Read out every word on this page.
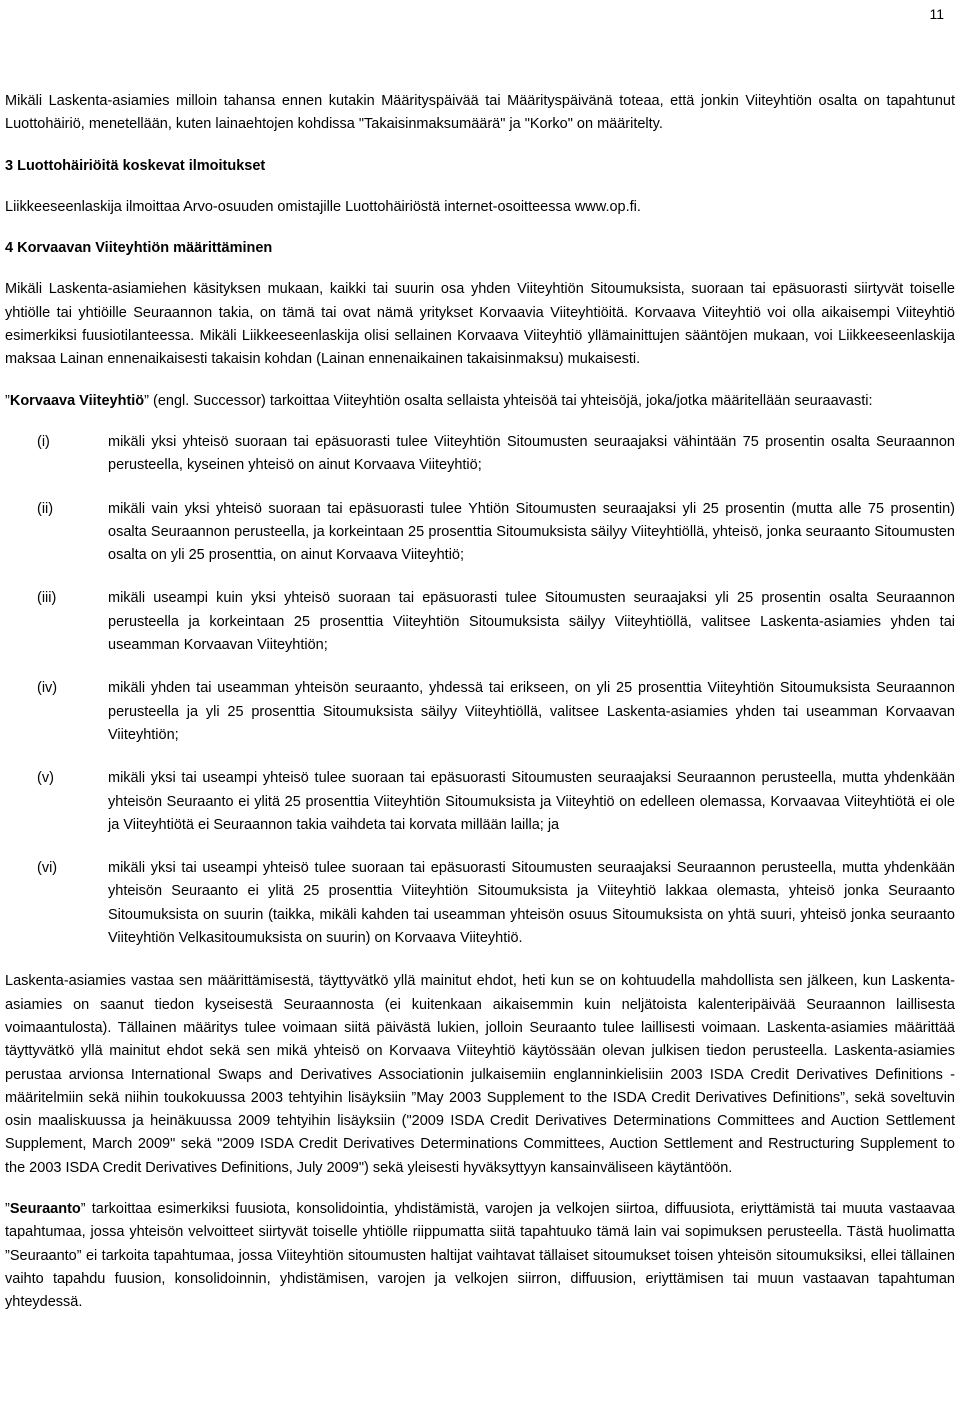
11

Mikäli Laskenta-asiamies milloin tahansa ennen kutakin Määrityspäivää tai Määrityspäivänä toteaa, että jonkin Viiteyhtiön osalta on tapahtunut Luottohäiriö, menetellään, kuten lainaehtojen kohdissa "Takaisinmaksumäärä" ja "Korko" on määritelty.

3 Luottohäiriöitä koskevat ilmoitukset

Liikkeeseenlaskija ilmoittaa Arvo-osuuden omistajille Luottohäiriöstä internet-osoitteessa www.op.fi.

4 Korvaavan Viiteyhtiön määrittäminen

Mikäli Laskenta-asiamiehen käsityksen mukaan, kaikki tai suurin osa yhden Viiteyhtiön Sitoumuksista, suoraan tai epäsuorasti siirtyvät toiselle yhtiölle tai yhtiöille Seuraannon takia, on tämä tai ovat nämä yritykset Korvaavia Viiteyhtiöitä. Korvaava Viiteyhtiö voi olla aikaisempi Viiteyhtiö esimerkiksi fuusiotilanteessa. Mikäli Liikkeeseenlaskija olisi sellainen Korvaava Viiteyhtiö yllämainittujen sääntöjen mukaan, voi Liikkeeseenlaskija maksaa Lainan ennenaikaisesti takaisin kohdan (Lainan ennenaikainen takaisinmaksu) mukaisesti.

”Korvaava Viiteyhtiö” (engl. Successor) tarkoittaa Viiteyhtiön osalta sellaista yhteisöä tai yhteisöjä, joka/jotka määritellään seuraavasti:

(i)	mikäli yksi yhteisö suoraan tai epäsuorasti tulee Viiteyhtiön Sitoumusten seuraajaksi vähintään 75 prosentin osalta Seuraannon perusteella, kyseinen yhteisö on ainut Korvaava Viiteyhtiö;
(ii)	mikäli vain yksi yhteisö suoraan tai epäsuorasti tulee Yhtiön Sitoumusten seuraajaksi yli 25 prosentin (mutta alle 75 prosentin) osalta Seuraannon perusteella, ja korkeintaan 25 prosenttia Sitoumuksista säilyy Viiteyhtiöllä, yhteisö, jonka seuraanto Sitoumusten osalta on yli 25 prosenttia, on ainut Korvaava Viiteyhtiö;
(iii)	mikäli useampi kuin yksi yhteisö suoraan tai epäsuorasti tulee Sitoumusten seuraajaksi yli 25 prosentin osalta Seuraannon perusteella ja korkeintaan 25 prosenttia Viiteyhtiön Sitoumuksista säilyy Viiteyhtiöllä, valitsee Laskenta-asiamies yhden tai useamman Korvaavan Viiteyhtiön;
(iv)	mikäli yhden tai useamman yhteisön seuraanto, yhdessä tai erikseen, on yli 25 prosenttia Viiteyhtiön Sitoumuksista Seuraannon perusteella ja yli 25 prosenttia Sitoumuksista säilyy Viiteyhtiöllä, valitsee Laskenta-asiamies yhden tai useamman Korvaavan Viiteyhtiön;
(v)	mikäli yksi tai useampi yhteisö tulee suoraan tai epäsuorasti Sitoumusten seuraajaksi Seuraannon perusteella, mutta yhdenkään yhteisön Seuraanto ei ylitä 25 prosenttia Viiteyhtiön Sitoumuksista ja Viiteyhtiö on edelleen olemassa, Korvaavaa Viiteyhtiötä ei ole ja Viiteyhtiötä ei Seuraannon takia vaihdeta tai korvata millään lailla; ja
(vi)	mikäli yksi tai useampi yhteisö tulee suoraan tai epäsuorasti Sitoumusten seuraajaksi Seuraannon perusteella, mutta yhdenkään yhteisön Seuraanto ei ylitä 25 prosenttia Viiteyhtiön Sitoumuksista ja Viiteyhtiö lakkaa olemasta, yhteisö jonka Seuraanto Sitoumuksista on suurin (taikka, mikäli kahden tai useamman yhteisön osuus Sitoumuksista on yhtä suuri, yhteisö jonka seuraanto Viiteyhtiön Velkasitoumuksista on suurin) on Korvaava Viiteyhtiö.

Laskenta-asiamies vastaa sen määrittämisestä, täyttyvätkö yllä mainitut ehdot, heti kun se on kohtuudella mahdollista sen jälkeen, kun Laskenta-asiamies on saanut tiedon kyseisestä Seuraannosta (ei kuitenkaan aikaisemmin kuin neljätoista kalenteripäivää Seuraannon laillisesta voimaantulosta). Tällainen määritys tulee voimaan siitä päivästä lukien, jolloin Seuraanto tulee laillisesti voimaan. Laskenta-asiamies määrittää täyttyvätkö yllä mainitut ehdot sekä sen mikä yhteisö on Korvaava Viiteyhtiö käytössään olevan julkisen tiedon perusteella. Laskenta-asiamies perustaa arvionsa International Swaps and Derivatives Associationin julkaisemiin englanninkielisiin 2003 ISDA Credit Derivatives Definitions -määritelmiin sekä niihin toukokuussa 2003 tehtyihin lisäyksiin ”May 2003 Supplement to the ISDA Credit Derivatives Definitions”, sekä soveltuvin osin maaliskuussa ja heinäkuussa 2009 tehtyihin lisäyksiin ("2009 ISDA Credit Derivatives Determinations Committees and Auction Settlement Supplement, March 2009" sekä "2009 ISDA Credit Derivatives Determinations Committees, Auction Settlement and Restructuring Supplement to the 2003 ISDA Credit Derivatives Definitions, July 2009") sekä yleisesti hyväksyttyyn kansainväliseen käytäntöön.

”Seuraanto” tarkoittaa esimerkiksi fuusiota, konsolidointia, yhdistämistä, varojen ja velkojen siirtoa, diffuusiota, eriyttämistä tai muuta vastaavaa tapahtumaa, jossa yhteisön velvoitteet siirtyvät toiselle yhtiölle riippumatta siitä tapahtuuko tämä lain vai sopimuksen perusteella. Tästä huolimatta ”Seuraanto” ei tarkoita tapahtumaa, jossa Viiteyhtiön sitoumusten haltijat vaihtavat tällaiset sitoumukset toisen yhteisön sitoumuksiksi, ellei tällainen vaihto tapahdu fuusion, konsolidoinnin, yhdistämisen, varojen ja velkojen siirron, diffuusion, eriyttämisen tai muun vastaavan tapahtuman yhteydessä.
